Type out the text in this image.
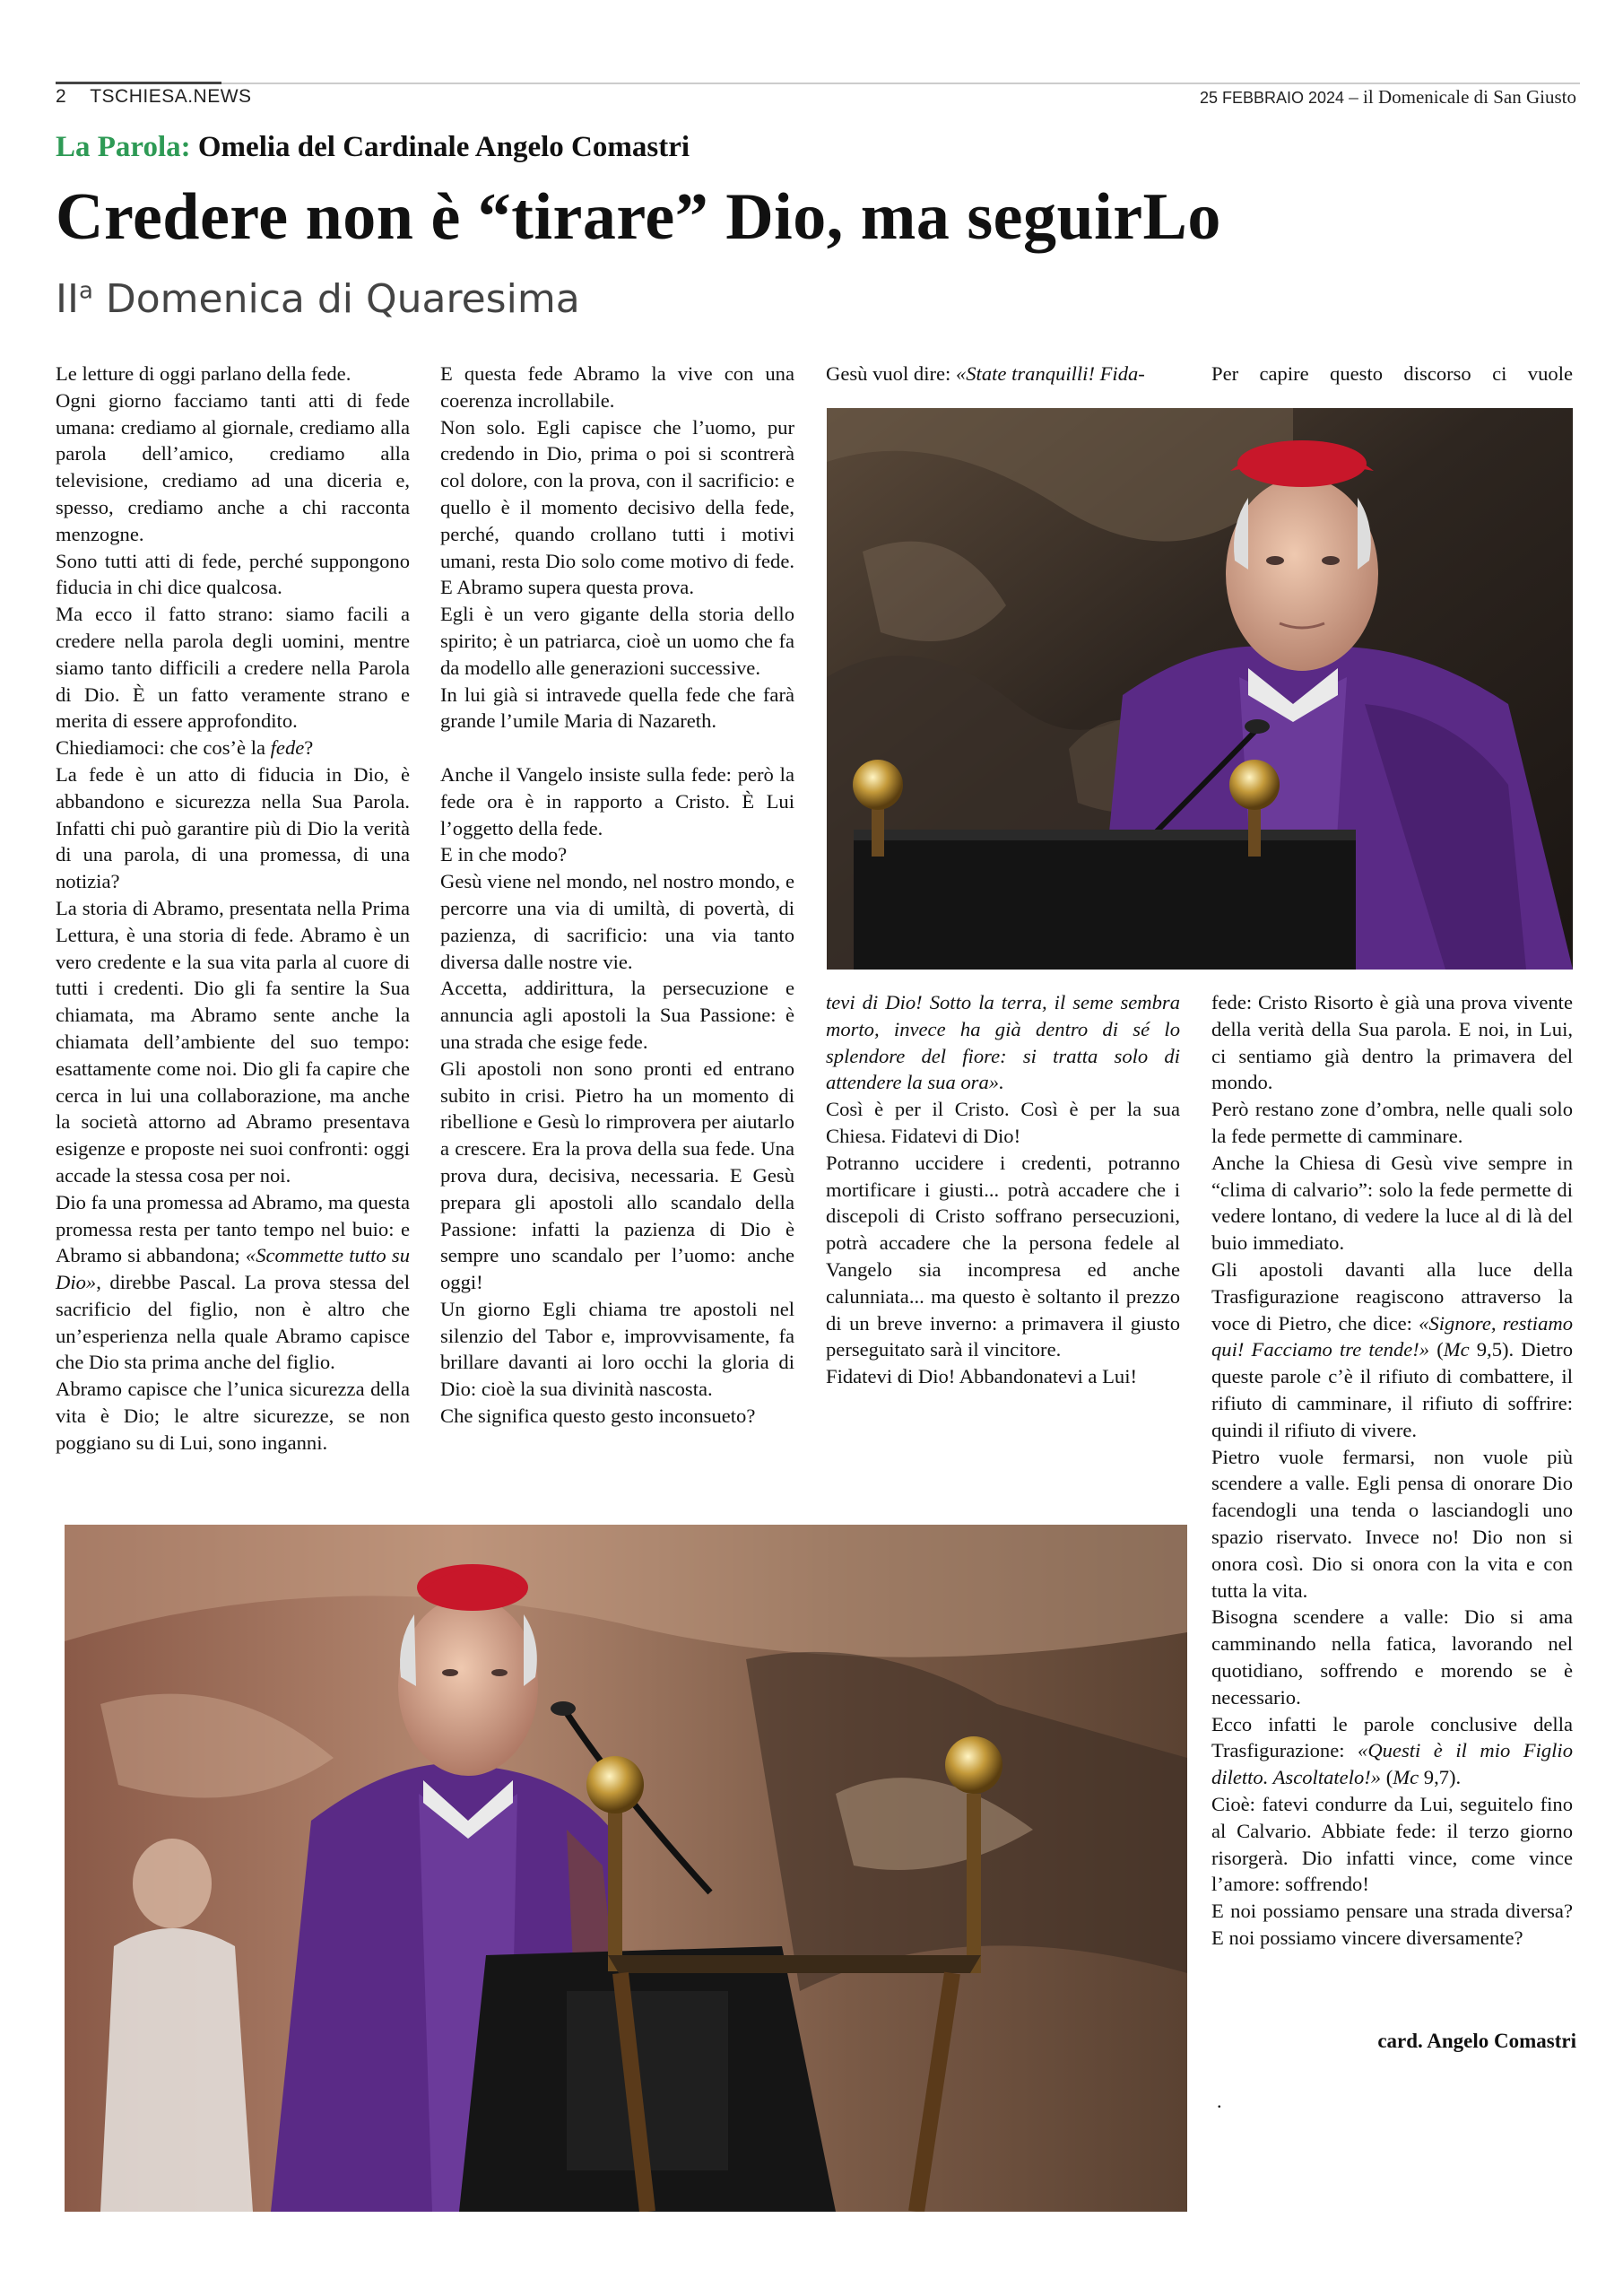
2 TSCHIESA.NEWS	25 FEBBRAIO 2024 – il Domenicale di San Giusto
La Parola: Omelia del Cardinale Angelo Comastri
Credere non è “tirare” Dio, ma seguirLo
$II^a$ Domenica di Quaresima

Le letture di oggi parlano della fede.

Ogni giorno facciamo tanti atti di fede umana: crediamo al giornale, crediamo alla parola dell’amico, crediamo alla televisione, crediamo ad una diceria e, spesso, crediamo anche a chi racconta menzogne.

Sono tutti atti di fede, perché suppongono fiducia in chi dice qualcosa.

Ma ecco il fatto strano: siamo facili a credere nella parola degli uomini, mentre siamo tanto difficili a credere nella Parola di Dio. È un fatto veramente strano e merita di essere approfondito.

Chiediamoci: che cos’è la fede?

La fede è un atto di fiducia in Dio, è abbandono e sicurezza nella Sua Parola. Infatti chi può garantire più di Dio la verità di una parola, di una promessa, di una notizia?

La storia di Abramo, presentata nella Prima Lettura, è una storia di fede. Abramo è un vero credente e la sua vita parla al cuore di tutti i credenti. Dio gli fa sentire la Sua chiamata, ma Abramo sente anche la chiamata dell’ambiente del suo tempo: esattamente come noi. Dio gli fa capire che cerca in lui una collaborazione, ma anche la società attorno ad Abramo presentava esigenze e proposte nei suoi confronti: oggi accade la stessa cosa per noi.

Dio fa una promessa ad Abramo, ma questa promessa resta per tanto tempo nel buio: e Abramo si abbandona; «Scommette tutto su Dio», direbbe Pascal. La prova stessa del sacrificio del figlio, non è altro che un’esperienza nella quale Abramo capisce che Dio sta prima anche del figlio.

Abramo capisce che l’unica sicurezza della vita è Dio; le altre sicurezze, se non poggiano su di Lui, sono inganni.

E questa fede Abramo la vive con una coerenza incrollabile.

Non solo. Egli capisce che l’uomo, pur credendo in Dio, prima o poi si scontrerà col dolore, con la prova, con il sacrificio: e quello è il momento decisivo della fede, perché, quando crollano tutti i motivi umani, resta Dio solo come motivo di fede. E Abramo supera questa prova.

Egli è un vero gigante della storia dello spirito; è un patriarca, cioè un uomo che fa da modello alle generazioni successive.

In lui già si intravede quella fede che farà grande l’umile Maria di Nazareth.

Anche il Vangelo insiste sulla fede: però la fede ora è in rapporto a Cristo. È Lui l’oggetto della fede.

E in che modo?

Gesù viene nel mondo, nel nostro mondo, e percorre una via di umiltà, di povertà, di pazienza, di sacrificio: una via tanto diversa dalle nostre vie.

Accetta, addirittura, la persecuzione e annuncia agli apostoli la Sua Passione: è una strada che esige fede.

Gli apostoli non sono pronti ed entrano subito in crisi. Pietro ha un momento di ribellione e Gesù lo rimprovera per aiutarlo a crescere. Era la prova della sua fede. Una prova dura, decisiva, necessaria. E Gesù prepara gli apostoli allo scandalo della Passione: infatti la pazienza di Dio è sempre uno scandalo per l’uomo: anche oggi!

Un giorno Egli chiama tre apostoli nel silenzio del Tabor e, improvvisamente, fa brillare davanti ai loro occhi la gloria di Dio: cioè la sua divinità nascosta.

Che significa questo gesto inconsueto?

Gesù vuol dire: «State tranquilli! Fida-

tevi di Dio! Sotto la terra, il seme sembra morto, invece ha già dentro di sé lo splendore del fiore: si tratta solo di attendere la sua ora».

Così è per il Cristo. Così è per la sua Chiesa. Fidatevi di Dio!

Potranno uccidere i credenti, potranno mortificare i giusti... potrà accadere che i discepoli di Cristo soffrano persecuzioni, potrà accadere che la persona fedele al Vangelo sia incompresa ed anche calunniata... ma questo è soltanto il prezzo di un breve inverno: a primavera il giusto perseguitato sarà il vincitore.

Fidatevi di Dio! Abbandonatevi a Lui!

Per capire questo discorso ci vuole

fede: Cristo Risorto è già una prova vivente della verità della Sua parola. E noi, in Lui, ci sentiamo già dentro la primavera del mondo.

Però restano zone d’ombra, nelle quali solo la fede permette di camminare.

Anche la Chiesa di Gesù vive sempre in “clima di calvario”: solo la fede permette di vedere lontano, di vedere la luce al di là del buio immediato.

Gli apostoli davanti alla luce della Trasfigurazione reagiscono attraverso la voce di Pietro, che dice: «Signore, restiamo qui! Facciamo tre tende!» (Mc 9,5). Dietro queste parole c’è il rifiuto di combattere, il rifiuto di camminare, il rifiuto di soffrire: quindi il rifiuto di vivere.

Pietro vuole fermarsi, non vuole più scendere a valle. Egli pensa di onorare Dio facendogli una tenda o lasciandogli uno spazio riservato. Invece no! Dio non si onora così. Dio si onora con la vita e con tutta la vita.

Bisogna scendere a valle: Dio si ama camminando nella fatica, lavorando nel quotidiano, soffrendo e morendo se è necessario.

Ecco infatti le parole conclusive della Trasfigurazione: «Questi è il mio Figlio diletto. Ascoltatelo!» (Mc 9,7).

Cioè: fatevi condurre da Lui, seguitelo fino al Calvario. Abbiate fede: il terzo giorno risorgerà. Dio infatti vince, come vince l’amore: soffrendo!

E noi possiamo pensare una strada diversa? E noi possiamo vincere diversamente?

card. Angelo Comastri
.
